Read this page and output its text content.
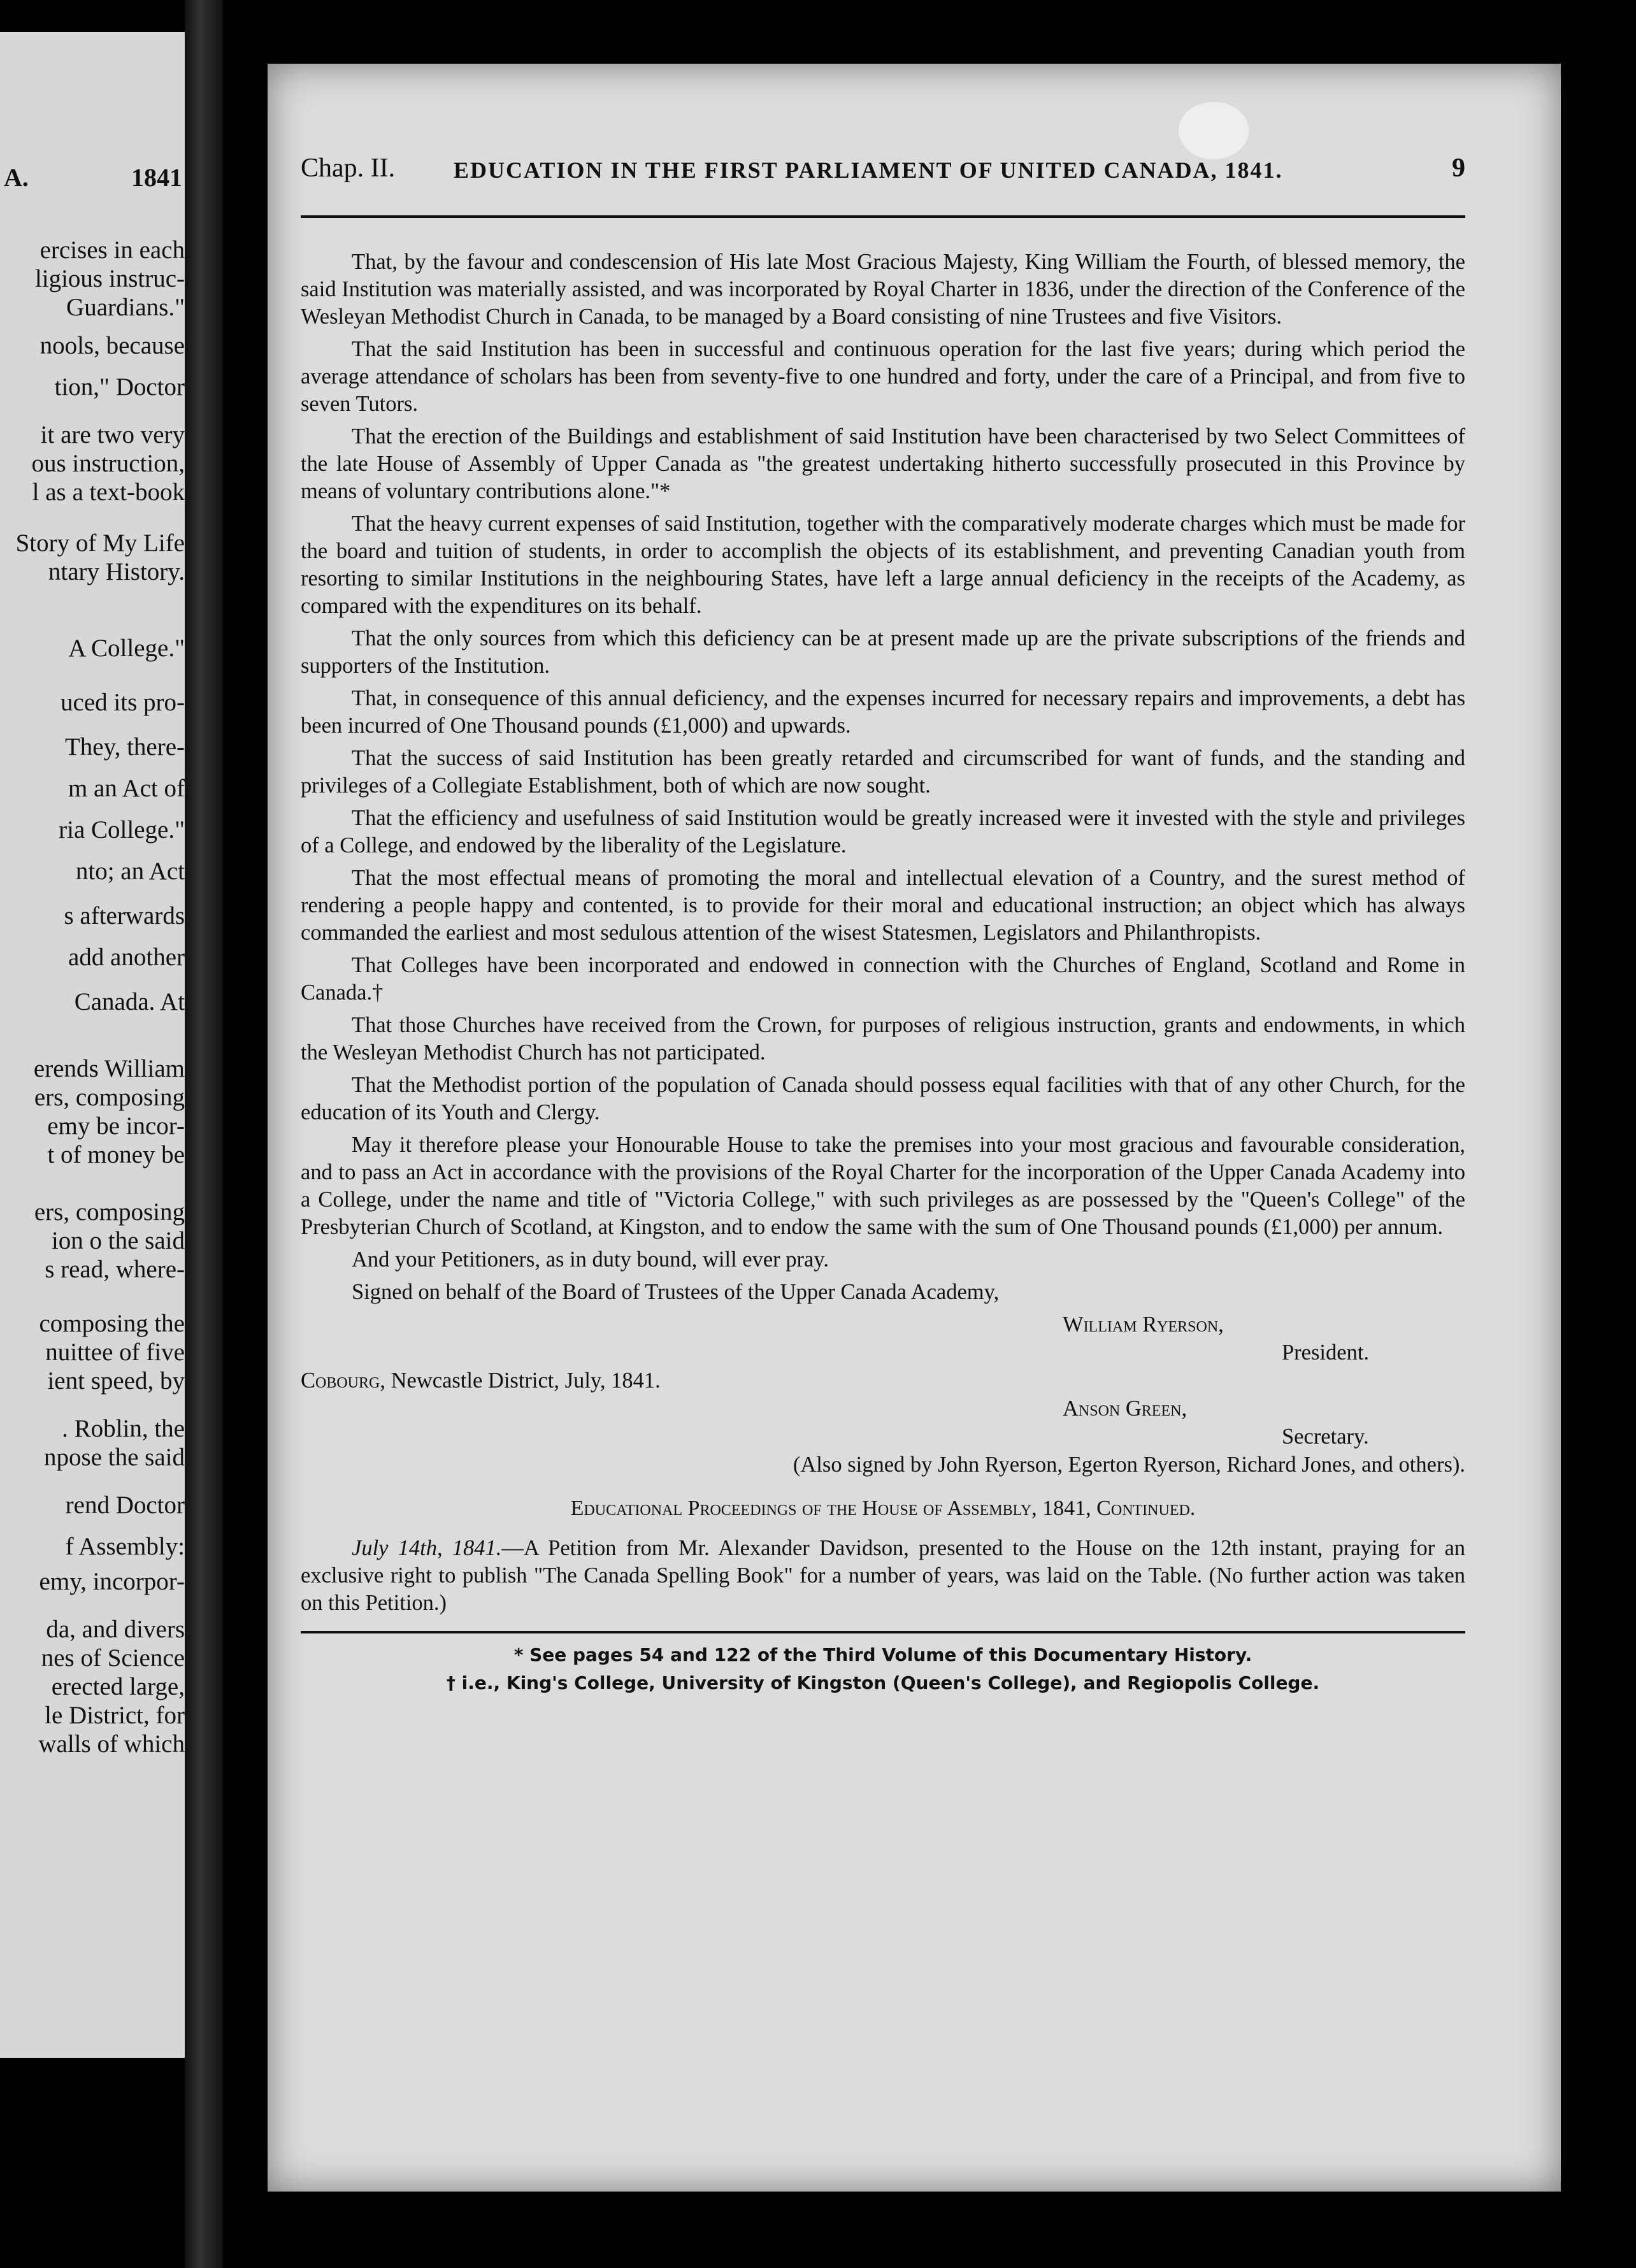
A.	1841
ercises in each
ligious instruc-
Guardians."
nools, because
tion," Doctor
it are two very
ous instruction,
l as a text-book
Story of My Life
ntary History.
A College."
uced its pro-
They, there-
m an Act of
ria College."
nto; an Act
s afterwards
add another
Canada. At
erends William
ers, composing
emy be incor-
t of money be
ers, composing
ion o the said
s read, where-
composing the
nuittee of five
ient speed, by
. Roblin, the
npose the said
rend Doctor
f Assembly:
emy, incorpor-
da, and divers
nes of Science
erected large,
le District, for
walls of which
Chap. II.	EDUCATION IN THE FIRST PARLIAMENT OF UNITED CANADA, 1841.	9

That, by the favour and condescension of His late Most Gracious Majesty, King William the Fourth, of blessed memory, the said Institution was materially assisted, and was incorporated by Royal Charter in 1836, under the direction of the Conference of the Wesleyan Methodist Church in Canada, to be managed by a Board consisting of nine Trustees and five Visitors.

That the said Institution has been in successful and continuous operation for the last five years; during which period the average attendance of scholars has been from seventy-five to one hundred and forty, under the care of a Principal, and from five to seven Tutors.

That the erection of the Buildings and establishment of said Institution have been characterised by two Select Committees of the late House of Assembly of Upper Canada as "the greatest undertaking hitherto successfully prosecuted in this Province by means of voluntary contributions alone."*

That the heavy current expenses of said Institution, together with the comparatively moderate charges which must be made for the board and tuition of students, in order to accomplish the objects of its establishment, and preventing Canadian youth from resorting to similar Institutions in the neighbouring States, have left a large annual deficiency in the receipts of the Academy, as compared with the expenditures on its behalf.

That the only sources from which this deficiency can be at present made up are the private subscriptions of the friends and supporters of the Institution.

That, in consequence of this annual deficiency, and the expenses incurred for necessary repairs and improvements, a debt has been incurred of One Thousand pounds (£1,000) and upwards.

That the success of said Institution has been greatly retarded and circumscribed for want of funds, and the standing and privileges of a Collegiate Establishment, both of which are now sought.

That the efficiency and usefulness of said Institution would be greatly increased were it invested with the style and privileges of a College, and endowed by the liberality of the Legislature.

That the most effectual means of promoting the moral and intellectual elevation of a Country, and the surest method of rendering a people happy and contented, is to provide for their moral and educational instruction; an object which has always commanded the earliest and most sedulous attention of the wisest Statesmen, Legislators and Philanthropists.

That Colleges have been incorporated and endowed in connection with the Churches of England, Scotland and Rome in Canada.†

That those Churches have received from the Crown, for purposes of religious instruction, grants and endowments, in which the Wesleyan Methodist Church has not participated.

That the Methodist portion of the population of Canada should possess equal facilities with that of any other Church, for the education of its Youth and Clergy.

May it therefore please your Honourable House to take the premises into your most gracious and favourable consideration, and to pass an Act in accordance with the provisions of the Royal Charter for the incorporation of the Upper Canada Academy into a College, under the name and title of "Victoria College," with such privileges as are possessed by the "Queen's College" of the Presbyterian Church of Scotland, at Kingston, and to endow the same with the sum of One Thousand pounds (£1,000) per annum.

And your Petitioners, as in duty bound, will ever pray.

Signed on behalf of the Board of Trustees of the Upper Canada Academy,

William Ryerson,
President.
Cobourg, Newcastle District, July, 1841.
Anson Green,
Secretary.
(Also signed by John Ryerson, Egerton Ryerson, Richard Jones, and others).
Educational Proceedings of the House of Assembly, 1841, Continued.

July 14th, 1841.—A Petition from Mr. Alexander Davidson, presented to the House on the 12th instant, praying for an exclusive right to publish "The Canada Spelling Book" for a number of years, was laid on the Table. (No further action was taken on this Petition.)

* See pages 54 and 122 of the Third Volume of this Documentary History.
† i.e., King's College, University of Kingston (Queen's College), and Regiopolis College.
